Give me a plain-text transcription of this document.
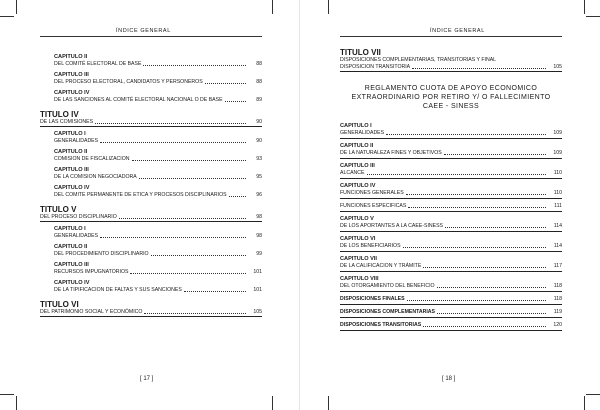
ÍNDICE GENERAL
CAPITULO II
DEL COMITÉ ELECTORAL DE BASE	88
CAPITULO III
DEL PROCESO ELECTORAL, CANDIDATOS Y PERSONEROS	88
CAPITULO IV
DE LAS SANCIONES AL COMITÉ ELECTORAL NACIONAL O DE BASE	89
TITULO IV
DE LAS COMISIONES	90
CAPITULO I
GENERALIDADES	90
CAPITULO II
COMISION DE FISCALIZACION	93
CAPITULO III
DE LA COMISION NEGOCIADORA	95
CAPITULO IV
DEL COMITE PERMANENTE DE ETICA Y PROCESOS DISCIPLINARIOS	96
TITULO V
DEL PROCESO DISCIPLINARIO	98
CAPITULO I
GENERALIDADES	98
CAPITULO II
DEL PROCEDIMIENTO DISCIPLINARIO	99
CAPITULO III
RECURSOS IMPUGNATORIOS	101
CAPITULO IV
DE LA TIPIFICACION DE FALTAS Y SUS SANCIONES	101
TITULO VI
DEL PATRIMONIO SOCIAL Y ECONÓMICO	105
[ 17 ]
ÍNDICE GENERAL
TITULO VII
DISPOSICIONES COMPLEMENTARIAS, TRANSITORIAS Y FINAL
DISPOSICION TRANSITORIA	105
REGLAMENTO CUOTA DE APOYO ECONOMICO
EXTRAORDINARIO POR RETIRO Y/ O FALLECIMIENTO
CAEE - SINESS
CAPITULO I
GENERALIDADES	109
CAPITULO II
DE LA NATURALEZA FINES Y OBJETIVOS	109
CAPITULO III
ALCANCE	110
CAPITULO IV
FUNCIONES GENERALES	110
FUNCIONES ESPECIFICAS	111
CAPITULO V
DE LOS APORTANTES A LA CAEE-SINESS	114
CAPITULO VI
DE LOS BENEFICIARIOS	114
CAPITULO VII
DE LA CALIFICACION Y TRÁMITE	117
CAPITULO VIII
DEL OTORGAMIENTO DEL BENEFICIO	118
DISPOSICIONES FINALES	118
DISPOSICIONES COMPLEMENTARIAS	119
DISPOSICIONES TRANSITORIAS	120
[ 18 ]
